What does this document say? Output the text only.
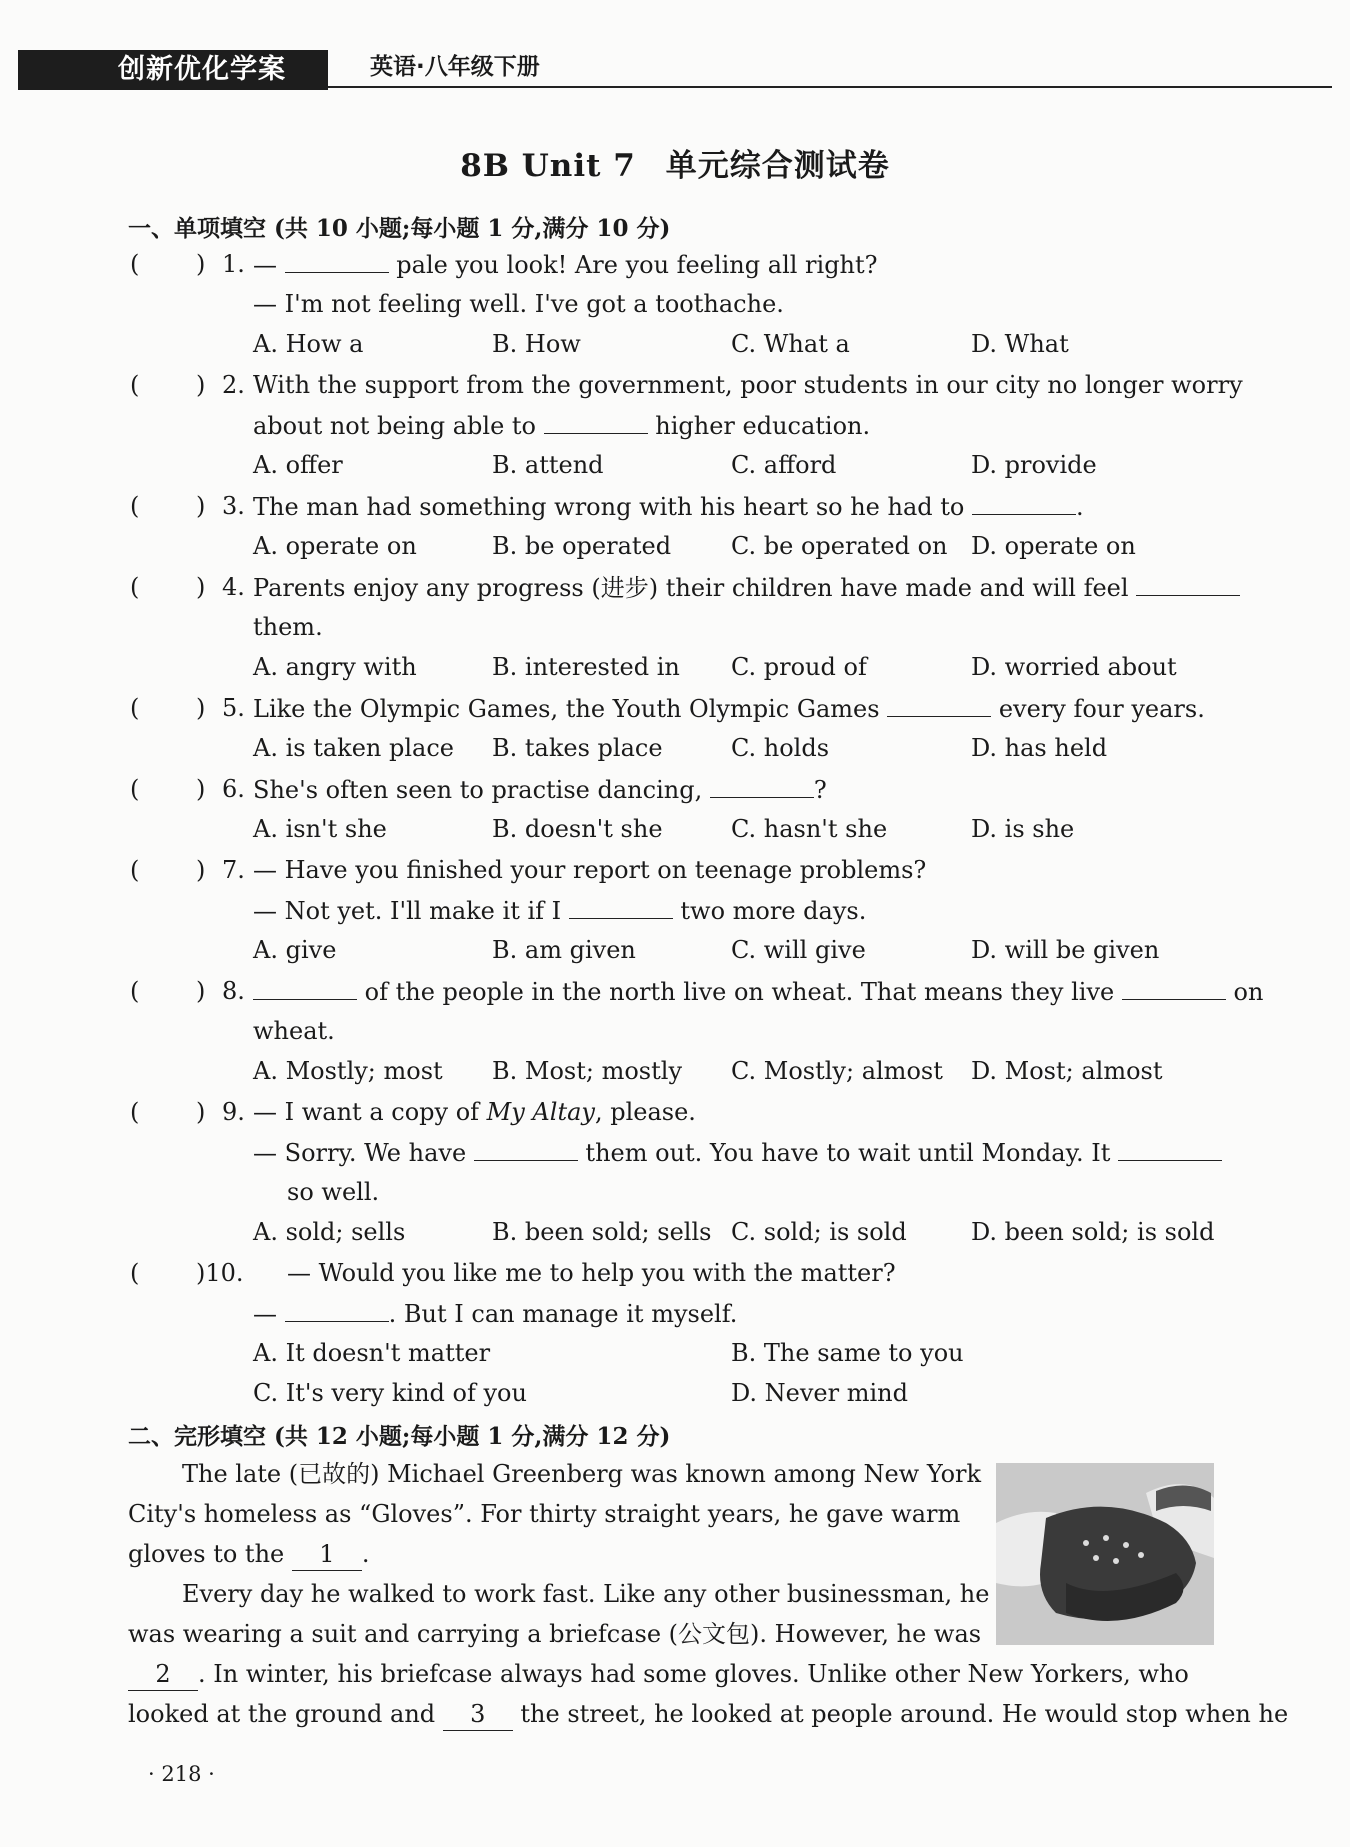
创新优化学案	英语·八年级下册
8B Unit 7 单元综合测试卷
一、单项填空 (共 10 小题;每小题 1 分,满分 10 分)
( ) 1. —	pale you look! Are you feeling all right?
— I'm not feeling well. I've got a toothache.
A. How a	B. How	C. What a	D. What
( ) 2. With the support from the government, poor students in our city no longer worry
about not being able to	higher education.
A. offer	B. attend	C. afford	D. provide
( ) 3. The man had something wrong with his heart so he had to	.
A. operate on	B. be operated C. be operated on D. operate on
( ) 4. Parents enjoy any progress (进步) their children have made and will feel
them.
A. angry with	B. interested in C. proud of	D. worried about
( ) 5. Like the Olympic Games, the Youth Olympic Games	every four years.
A. is taken place B. takes place	C. holds	D. has held
( ) 6. She's often seen to practise dancing,	?
A. isn't she	B. doesn't she	C. hasn't she	D. is she
( ) 7. — Have you finished your report on teenage problems?
— Not yet. I'll make it if I	two more days.
A. give	B. am given	C. will give	D. will be given
( ) 8.	of the people in the north live on wheat. That means they live	on
wheat.
A. Mostly; most B. Most; mostly C. Mostly; almost D. Most; almost
( ) 9. — I want a copy of My Altay, please.
— Sorry. We have	them out. You have to wait until Monday. It
so well.
A. sold; sells	B. been sold; sells C. sold; is sold	D. been sold; is sold
( )10. — Would you like me to help you with the matter?
—	. But I can manage it myself.
A. It doesn't matter	B. The same to you
C. It's very kind of you	D. Never mind
二、完形填空 (共 12 小题;每小题 1 分,满分 12 分)
The late (已故的) Michael Greenberg was known among New York
City's homeless as “Gloves”. For thirty straight years, he gave warm
gloves to the 1 .
Every day he walked to work fast. Like any other businessman, he
was wearing a suit and carrying a briefcase (公文包). However, he was
2 . In winter, his briefcase always had some gloves. Unlike other New Yorkers, who
looked at the ground and 3 the street, he looked at people around. He would stop when he
· 218 ·
